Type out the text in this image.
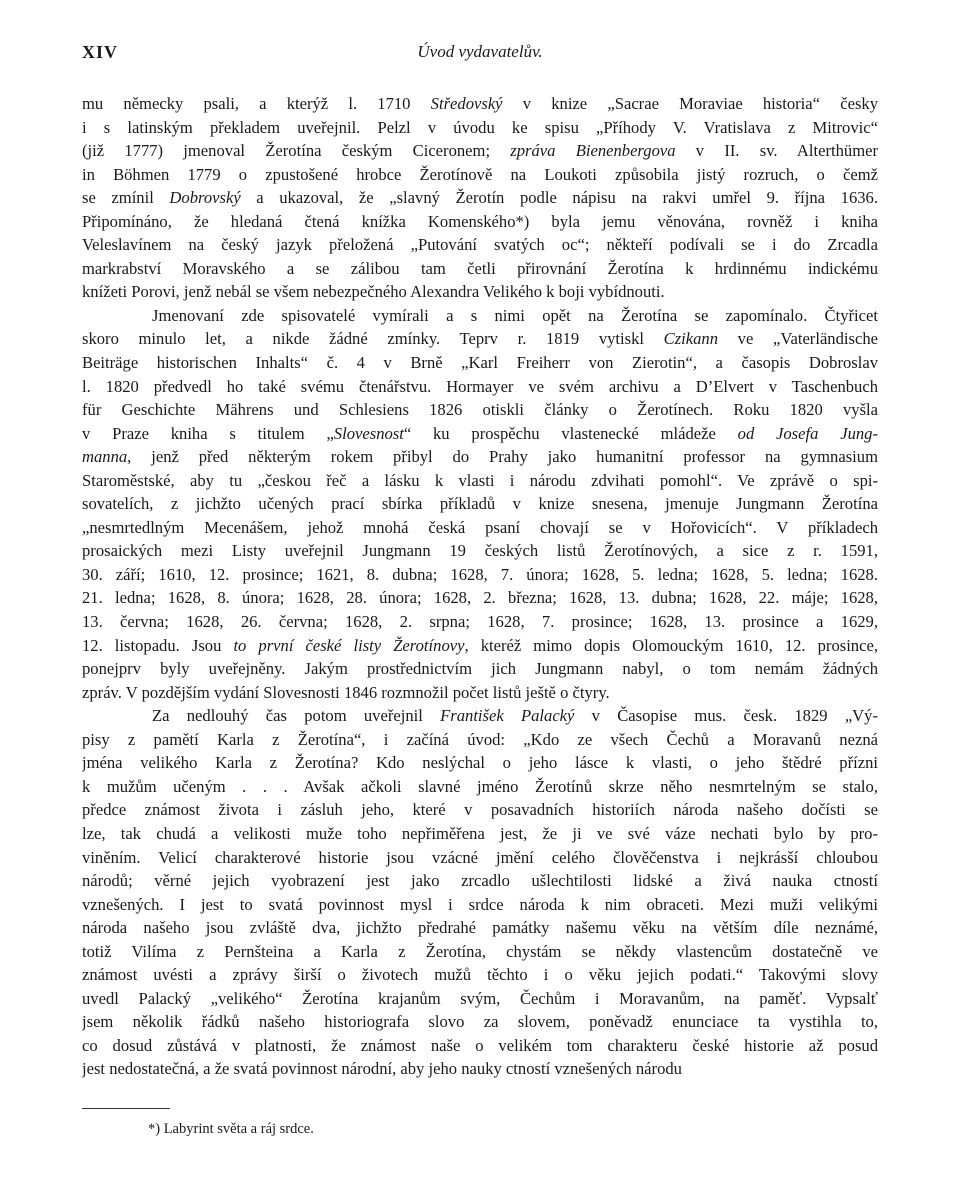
XIV	Úvod vydavatelův.
mu německy psali, a kterýž l. 1710 Středovský v knize „Sacrae Moraviae historia“ česky
i s latinským překladem uveřejnil. Pelzl v úvodu ke spisu „Příhody V. Vratislava z Mitrovic“
(již 1777) jmenoval Žerotína českým Ciceronem; zpráva Bienenbergova v II. sv. Alterthümer
in Böhmen 1779 o zpustošené hrobce Žerotínově na Loukoti způsobila jistý rozruch, o čemž
se zmínil Dobrovský a ukazoval, že „slavný Žerotín podle nápisu na rakvi umřel 9. října 1636.
Připomínáno, že hledaná čtená knížka Komenského*) byla jemu věnována, rovněž i kniha
Veleslavínem na český jazyk přeložená „Putování svatých oc“; někteří podívali se i do Zrcadla
markrabství Moravského a se zálibou tam četli přirovnání Žerotína k hrdinnému indickému
knížeti Porovi, jenž nebál se všem nebezpečného Alexandra Velikého k boji vybídnouti.
Jmenovaní zde spisovatelé vymírali a s nimi opět na Žerotína se zapomínalo. Čtyřicet
skoro minulo let, a nikde žádné zmínky. Teprv r. 1819 vytiskl Czikann ve „Vaterländische
Beiträge historischen Inhalts“ č. 4 v Brně „Karl Freiherr von Zierotin“, a časopis Dobroslav
l. 1820 předvedl ho také svému čtenářstvu. Hormayer ve svém archivu a D’Elvert v Taschenbuch
für Geschichte Mährens und Schlesiens 1826 otiskli články o Žerotínech. Roku 1820 vyšla
v Praze kniha s titulem „Slovesnost“ ku prospěchu vlastenecké mládeže od Josefa Jung-
manna, jenž před některým rokem přibyl do Prahy jako humanitní professor na gymnasium
Staroměstské, aby tu „českou řeč a lásku k vlasti i národu zdvihati pomohl“. Ve zprávě o spi-
sovatelích, z jichžto učených prací sbírka příkladů v knize snesena, jmenuje Jungmann Žerotína
„nesmrtedlným Mecenášem, jehož mnohá česká psaní chovají se v Hořovicích“. V příkladech
prosaických mezi Listy uveřejnil Jungmann 19 českých listů Žerotínových, a sice z r. 1591,
30. září; 1610, 12. prosince; 1621, 8. dubna; 1628, 7. února; 1628, 5. ledna; 1628, 5. ledna; 1628.
21. ledna; 1628, 8. února; 1628, 28. února; 1628, 2. března; 1628, 13. dubna; 1628, 22. máje; 1628,
13. června; 1628, 26. června; 1628, 2. srpna; 1628, 7. prosince; 1628, 13. prosince a 1629,
12. listopadu. Jsou to první české listy Žerotínovy, kteréž mimo dopis Olomouckým 1610, 12. prosince,
ponejprv byly uveřejněny. Jakým prostřednictvím jich Jungmann nabyl, o tom nemám žádných
zpráv. V pozdějším vydání Slovesnosti 1846 rozmnožil počet listů ještě o čtyry.
Za nedlouhý čas potom uveřejnil František Palacký v Časopise mus. česk. 1829 „Vý-
pisy z pamětí Karla z Žerotína“, i začíná úvod: „Kdo ze všech Čechů a Moravanů nezná
jména velikého Karla z Žerotína? Kdo neslýchal o jeho lásce k vlasti, o jeho štědré přízni
k mužům učeným . . . Avšak ačkoli slavné jméno Žerotínů skrze něho nesmrtelným se stalo,
předce známost života i zásluh jeho, které v posavadních historiích národa našeho dočísti se
lze, tak chudá a velikosti muže toho nepřiměřena jest, že ji ve své váze nechati bylo by pro-
viněním. Velicí charakterové historie jsou vzácné jmění celého člověčenstva i nejkrásší chloubou
národů; věrné jejich vyobrazení jest jako zrcadlo ušlechtilosti lidské a živá nauka ctností
vznešených. I jest to svatá povinnost mysl i srdce národa k nim obraceti. Mezi muži velikými
národa našeho jsou zvláště dva, jichžto předrahé památky našemu věku na větším díle neznámé,
totiž Vilíma z Pernšteina a Karla z Žerotína, chystám se někdy vlastencům dostatečně ve
známost uvésti a zprávy širší o životech mužů těchto i o věku jejich podati.“ Takovými slovy
uvedl Palacký „velikého“ Žerotína krajanům svým, Čechům i Moravanům, na paměť. Vypsalť
jsem několik řádků našeho historiografa slovo za slovem, poněvadž enunciace ta vystihla to,
co dosud zůstává v platnosti, že známost naše o velikém tom charakteru české historie až posud
jest nedostatečná, a že svatá povinnost národní, aby jeho nauky ctností vznešených národu
*) Labyrint světa a ráj srdce.
